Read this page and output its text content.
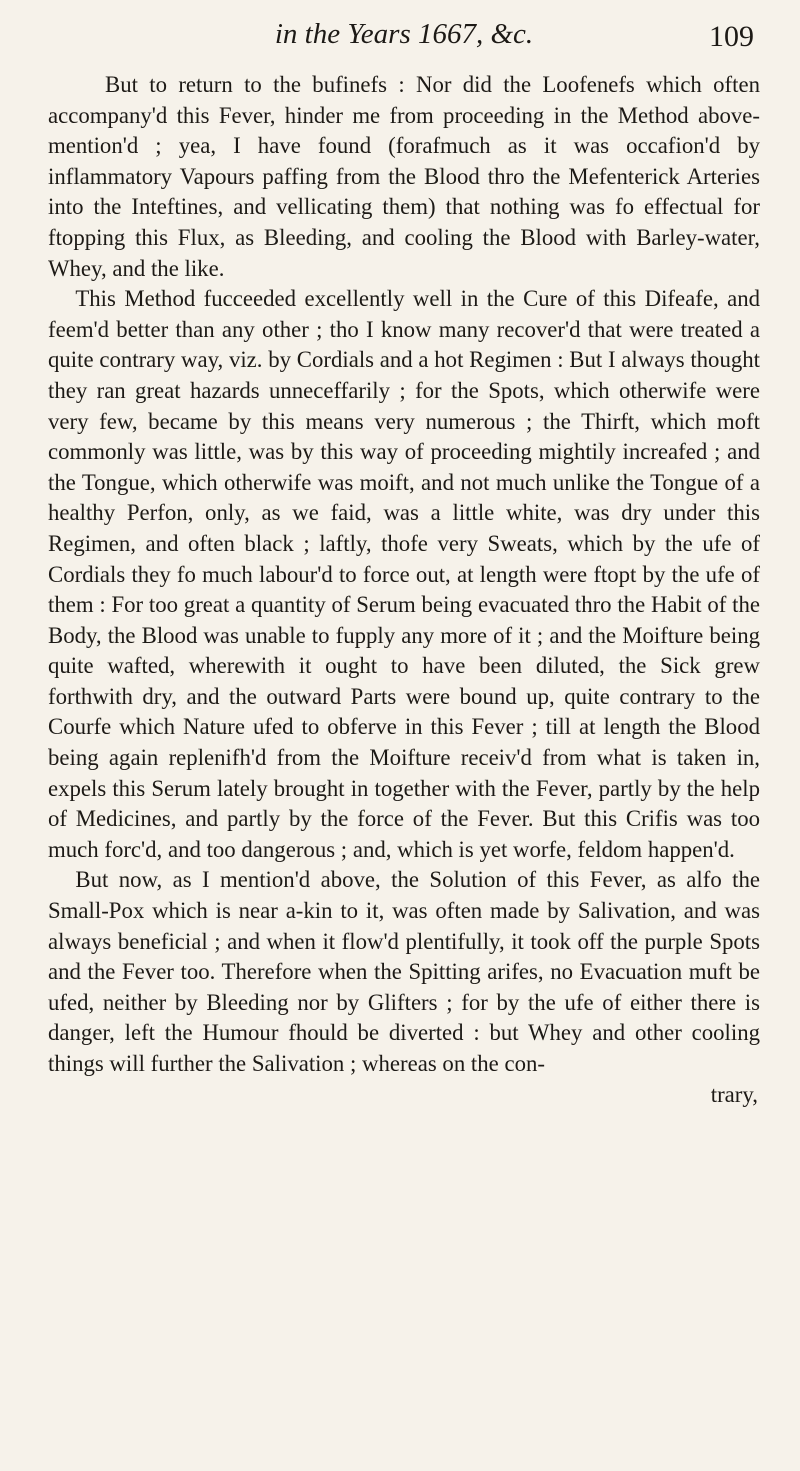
in the Years 1667, &c.	109

But to return to the bufinefs : Nor did the Loofenefs which often accompany'd this Fever, hinder me from proceeding in the Method above-mention'd ; yea, I have found (forafmuch as it was occafion'd by inflammatory Vapours paffing from the Blood thro the Mefenterick Arteries into the Inteftines, and vellicating them) that nothing was fo effectual for ftopping this Flux, as Bleeding, and cooling the Blood with Barley-water, Whey, and the like.

This Method fucceeded excellently well in the Cure of this Difeafe, and feem'd better than any other ; tho I know many recover'd that were treated a quite contrary way, viz. by Cordials and a hot Regimen : But I always thought they ran great hazards unneceffarily ; for the Spots, which otherwife were very few, became by this means very numerous ; the Thirft, which moft commonly was little, was by this way of proceeding mightily increafed ; and the Tongue, which otherwife was moift, and not much unlike the Tongue of a healthy Perfon, only, as we faid, was a little white, was dry under this Regimen, and often black ; laftly, thofe very Sweats, which by the ufe of Cordials they fo much labour'd to force out, at length were ftopt by the ufe of them : For too great a quantity of Serum being evacuated thro the Habit of the Body, the Blood was unable to fupply any more of it ; and the Moifture being quite wafted, wherewith it ought to have been diluted, the Sick grew forthwith dry, and the outward Parts were bound up, quite contrary to the Courfe which Nature ufed to obferve in this Fever ; till at length the Blood being again replenifh'd from the Moifture receiv'd from what is taken in, expels this Serum lately brought in together with the Fever, partly by the help of Medicines, and partly by the force of the Fever. But this Crifis was too much forc'd, and too dangerous ; and, which is yet worfe, feldom happen'd.

But now, as I mention'd above, the Solution of this Fever, as alfo the Small-Pox which is near a-kin to it, was often made by Salivation, and was always beneficial ; and when it flow'd plentifully, it took off the purple Spots and the Fever too. Therefore when the Spitting arifes, no Evacuation muft be ufed, neither by Bleeding nor by Glifters ; for by the ufe of either there is danger, left the Humour fhould be diverted : but Whey and other cooling things will further the Salivation ; whereas on the con-

trary,
